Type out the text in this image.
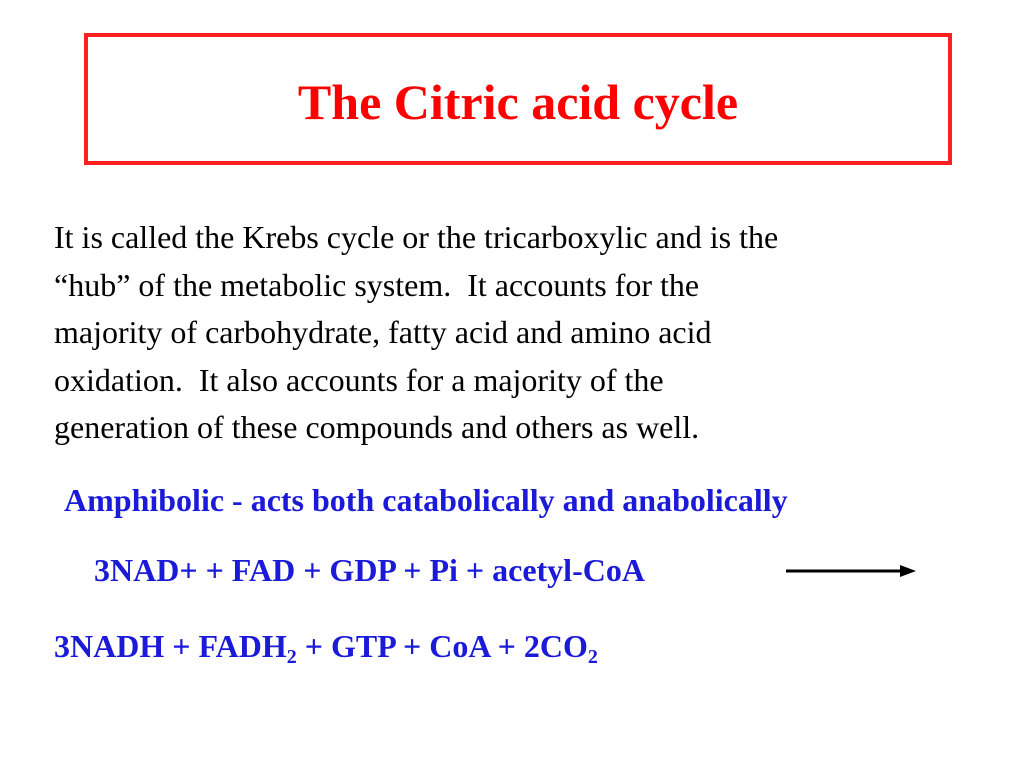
The Citric acid cycle

It is called the Krebs cycle or the tricarboxylic and is the
“hub” of the metabolic system.  It accounts for the
majority of carbohydrate, fatty acid and amino acid
oxidation.  It also accounts for a majority of the
generation of these compounds and others as well.

Amphibolic - acts both catabolically and anabolically

3NAD+ + FAD + GDP + Pi + acetyl-CoA

3NADH + $FADH_2$ + GTP + CoA + $2CO_2$
